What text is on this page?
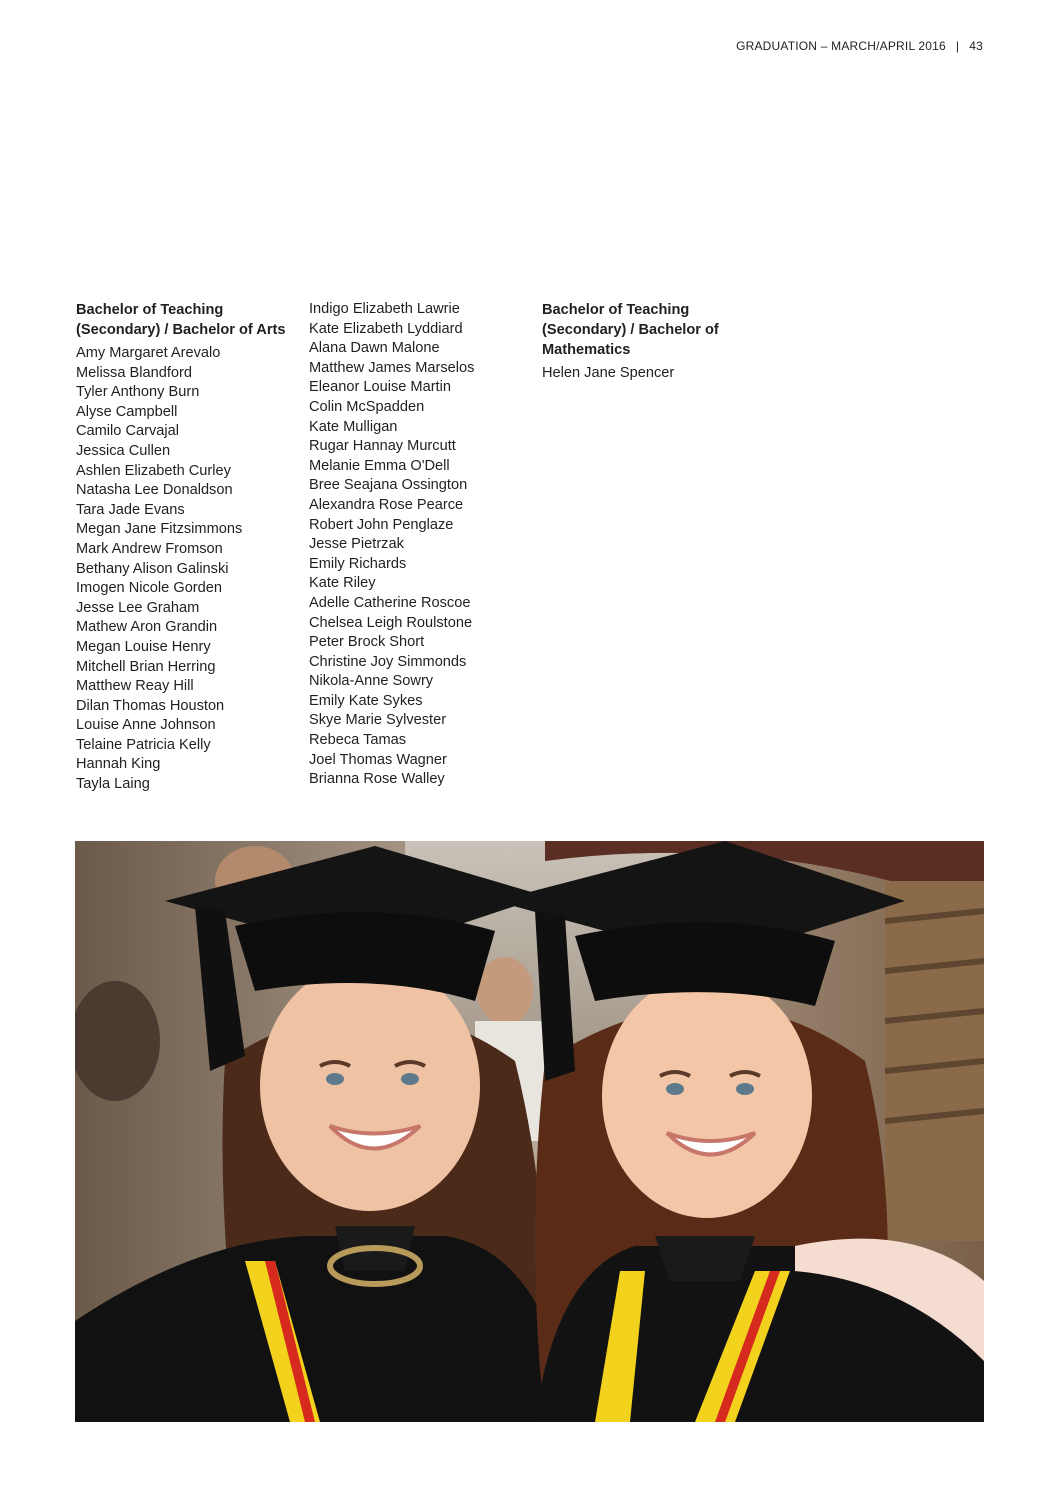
GRADUATION – MARCH/APRIL 2016 | 43
Bachelor of Teaching (Secondary) / Bachelor of Arts
Amy Margaret Arevalo
Melissa Blandford
Tyler Anthony Burn
Alyse Campbell
Camilo Carvajal
Jessica Cullen
Ashlen Elizabeth Curley
Natasha Lee Donaldson
Tara Jade Evans
Megan Jane Fitzsimmons
Mark Andrew Fromson
Bethany Alison Galinski
Imogen Nicole Gorden
Jesse Lee Graham
Mathew Aron Grandin
Megan Louise Henry
Mitchell Brian Herring
Matthew Reay Hill
Dilan Thomas Houston
Louise Anne Johnson
Telaine Patricia Kelly
Hannah King
Tayla Laing
Indigo Elizabeth Lawrie
Kate Elizabeth Lyddiard
Alana Dawn Malone
Matthew James Marselos
Eleanor Louise Martin
Colin McSpadden
Kate Mulligan
Rugar Hannay Murcutt
Melanie Emma O'Dell
Bree Seajana Ossington
Alexandra Rose Pearce
Robert John Penglaze
Jesse Pietrzak
Emily Richards
Kate Riley
Adelle Catherine Roscoe
Chelsea Leigh Roulstone
Peter Brock Short
Christine Joy Simmonds
Nikola-Anne Sowry
Emily Kate Sykes
Skye Marie Sylvester
Rebeca Tamas
Joel Thomas Wagner
Brianna Rose Walley
Bachelor of Teaching (Secondary) / Bachelor of Mathematics
Helen Jane Spencer
